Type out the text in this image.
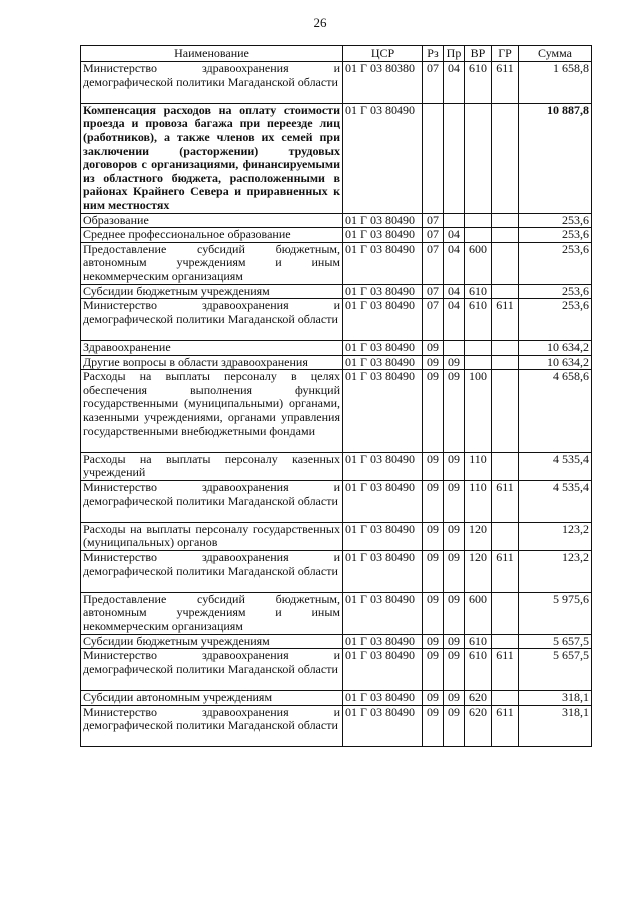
26
Наименование	ЦСР	Рз	Пр	ВР	ГР	Сумма
Министерство здравоохранения и демографической политики Магаданской области	01 Г 03 80380	07	04	610	611	1 658,8
Компенсация расходов на оплату стоимости проезда и провоза багажа при переезде лиц (работников), а также членов их семей при заключении (расторжении) трудовых договоров с организациями, финансируемыми из областного бюджета, расположенными в районах Крайнего Севера и приравненных к ним местностях	01 Г 03 80490					10 887,8
Образование	01 Г 03 80490	07				253,6
Среднее профессиональное образование	01 Г 03 80490	07	04			253,6
Предоставление субсидий бюджетным, автономным учреждениям и иным некоммерческим организациям	01 Г 03 80490	07	04	600		253,6
Субсидии бюджетным учреждениям	01 Г 03 80490	07	04	610		253,6
Министерство здравоохранения и демографической политики Магаданской области	01 Г 03 80490	07	04	610	611	253,6
Здравоохранение	01 Г 03 80490	09				10 634,2
Другие вопросы в области здравоохранения	01 Г 03 80490	09	09			10 634,2
Расходы на выплаты персоналу в целях обеспечения выполнения функций государственными (муниципальными) органами, казенными учреждениями, органами управления государственными внебюджетными фондами	01 Г 03 80490	09	09	100		4 658,6
Расходы на выплаты персоналу казенных учреждений	01 Г 03 80490	09	09	110		4 535,4
Министерство здравоохранения и демографической политики Магаданской области	01 Г 03 80490	09	09	110	611	4 535,4
Расходы на выплаты персоналу государственных (муниципальных) органов	01 Г 03 80490	09	09	120		123,2
Министерство здравоохранения и демографической политики Магаданской области	01 Г 03 80490	09	09	120	611	123,2
Предоставление субсидий бюджетным, автономным учреждениям и иным некоммерческим организациям	01 Г 03 80490	09	09	600		5 975,6
Субсидии бюджетным учреждениям	01 Г 03 80490	09	09	610		5 657,5
Министерство здравоохранения и демографической политики Магаданской области	01 Г 03 80490	09	09	610	611	5 657,5
Субсидии автономным учреждениям	01 Г 03 80490	09	09	620		318,1
Министерство здравоохранения и демографической политики Магаданской области	01 Г 03 80490	09	09	620	611	318,1
